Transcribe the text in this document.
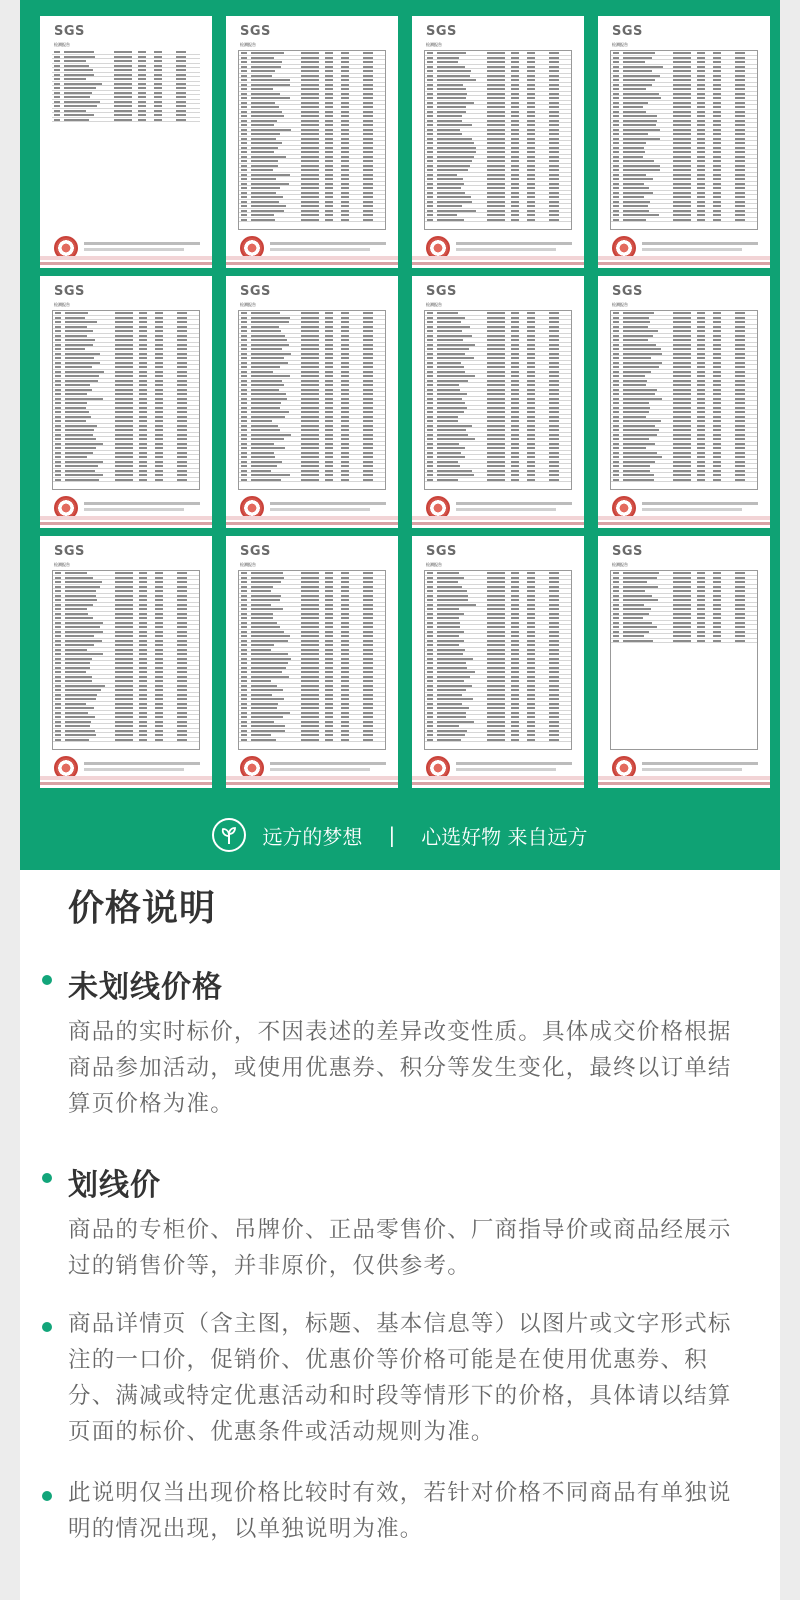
SGS
检测报告
SGS
检测报告
SGS
检测报告
SGS
检测报告
SGS
检测报告
SGS
检测报告
SGS
检测报告
SGS
检测报告
SGS
检测报告
SGS
检测报告
SGS
检测报告
SGS
检测报告
远方的梦想 | 心选好物 来自远方
价格说明
未划线价格
商品的实时标价，不因表述的差异改变性质。具体成交价格根据商品参加活动，或使用优惠券、积分等发生变化，最终以订单结算页价格为准。
划线价
商品的专柜价、吊牌价、正品零售价、厂商指导价或商品经展示过的销售价等，并非原价，仅供参考。
商品详情页（含主图，标题、基本信息等）以图片或文字形式标注的一口价，促销价、优惠价等价格可能是在使用优惠券、积分、满减或特定优惠活动和时段等情形下的价格，具体请以结算页面的标价、优惠条件或活动规则为准。
此说明仅当出现价格比较时有效，若针对价格不同商品有单独说明的情况出现，以单独说明为准。
